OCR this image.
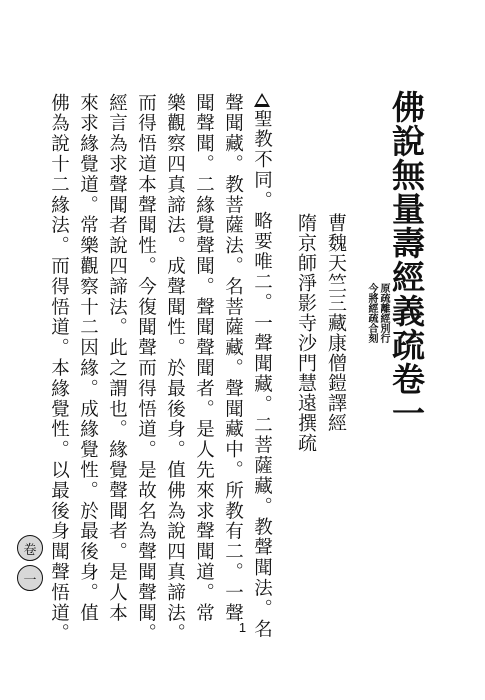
佛說無量壽經義疏卷一
原疏離經別行
今將經疏合刻
曹魏天竺三藏康僧鎧譯經
隋京師淨影寺沙門慧遠撰疏
聖教不同。略要唯二。一聲聞藏。二菩薩藏。教聲聞法。名
聲聞藏。教菩薩法。名菩薩藏。聲聞藏中。所教有二。一聲
聞聲聞。二緣覺聲聞。聲聞聲聞者。是人先來求聲聞道。常
樂觀察四真諦法。成聲聞性。於最後身。值佛為說四真諦法。
而得悟道本聲聞性。今復聞聲而得悟道。是故名為聲聞聲聞。
經言為求聲聞者說四諦法。此之謂也。緣覺聲聞者。是人本
來求緣覺道。常樂觀察十二因緣。成緣覺性。於最後身。值
佛為說十二緣法。而得悟道。本緣覺性。以最後身聞聲悟道。
卷
一
1
